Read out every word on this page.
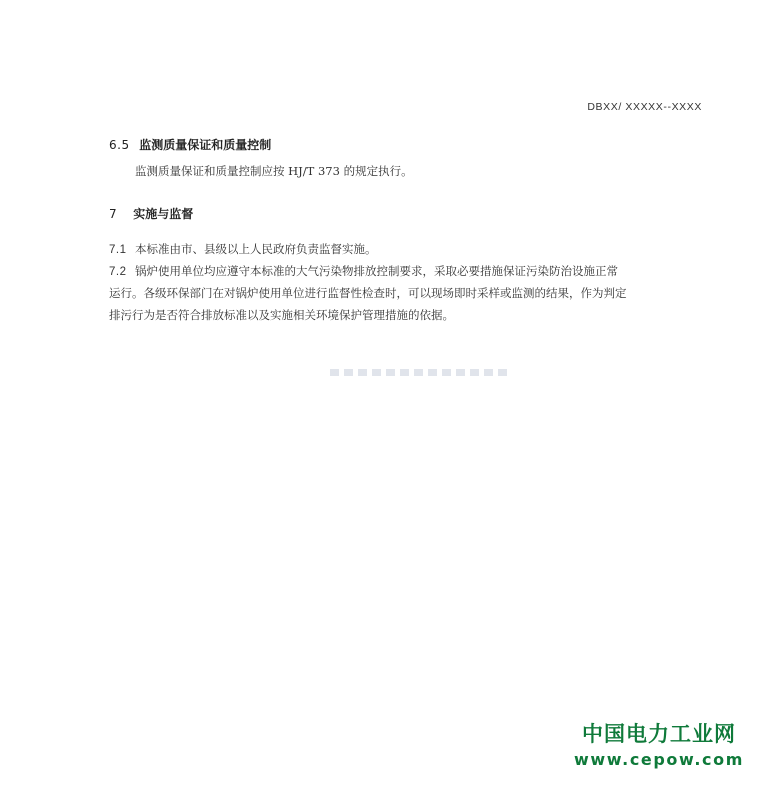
DBXX/ XXXXX--XXXX
6.5 监测质量保证和质量控制
监测质量保证和质量控制应按 HJ/T 373 的规定执行。
7 实施与监督
7.1 本标准由市、县级以上人民政府负责监督实施。
7.2 锅炉使用单位均应遵守本标准的大气污染物排放控制要求，采取必要措施保证污染防治设施正常
运行。各级环保部门在对锅炉使用单位进行监督性检查时，可以现场即时采样或监测的结果，作为判定
排污行为是否符合排放标准以及实施相关环境保护管理措施的依据。
中国电力工业网
www.cepow.com
